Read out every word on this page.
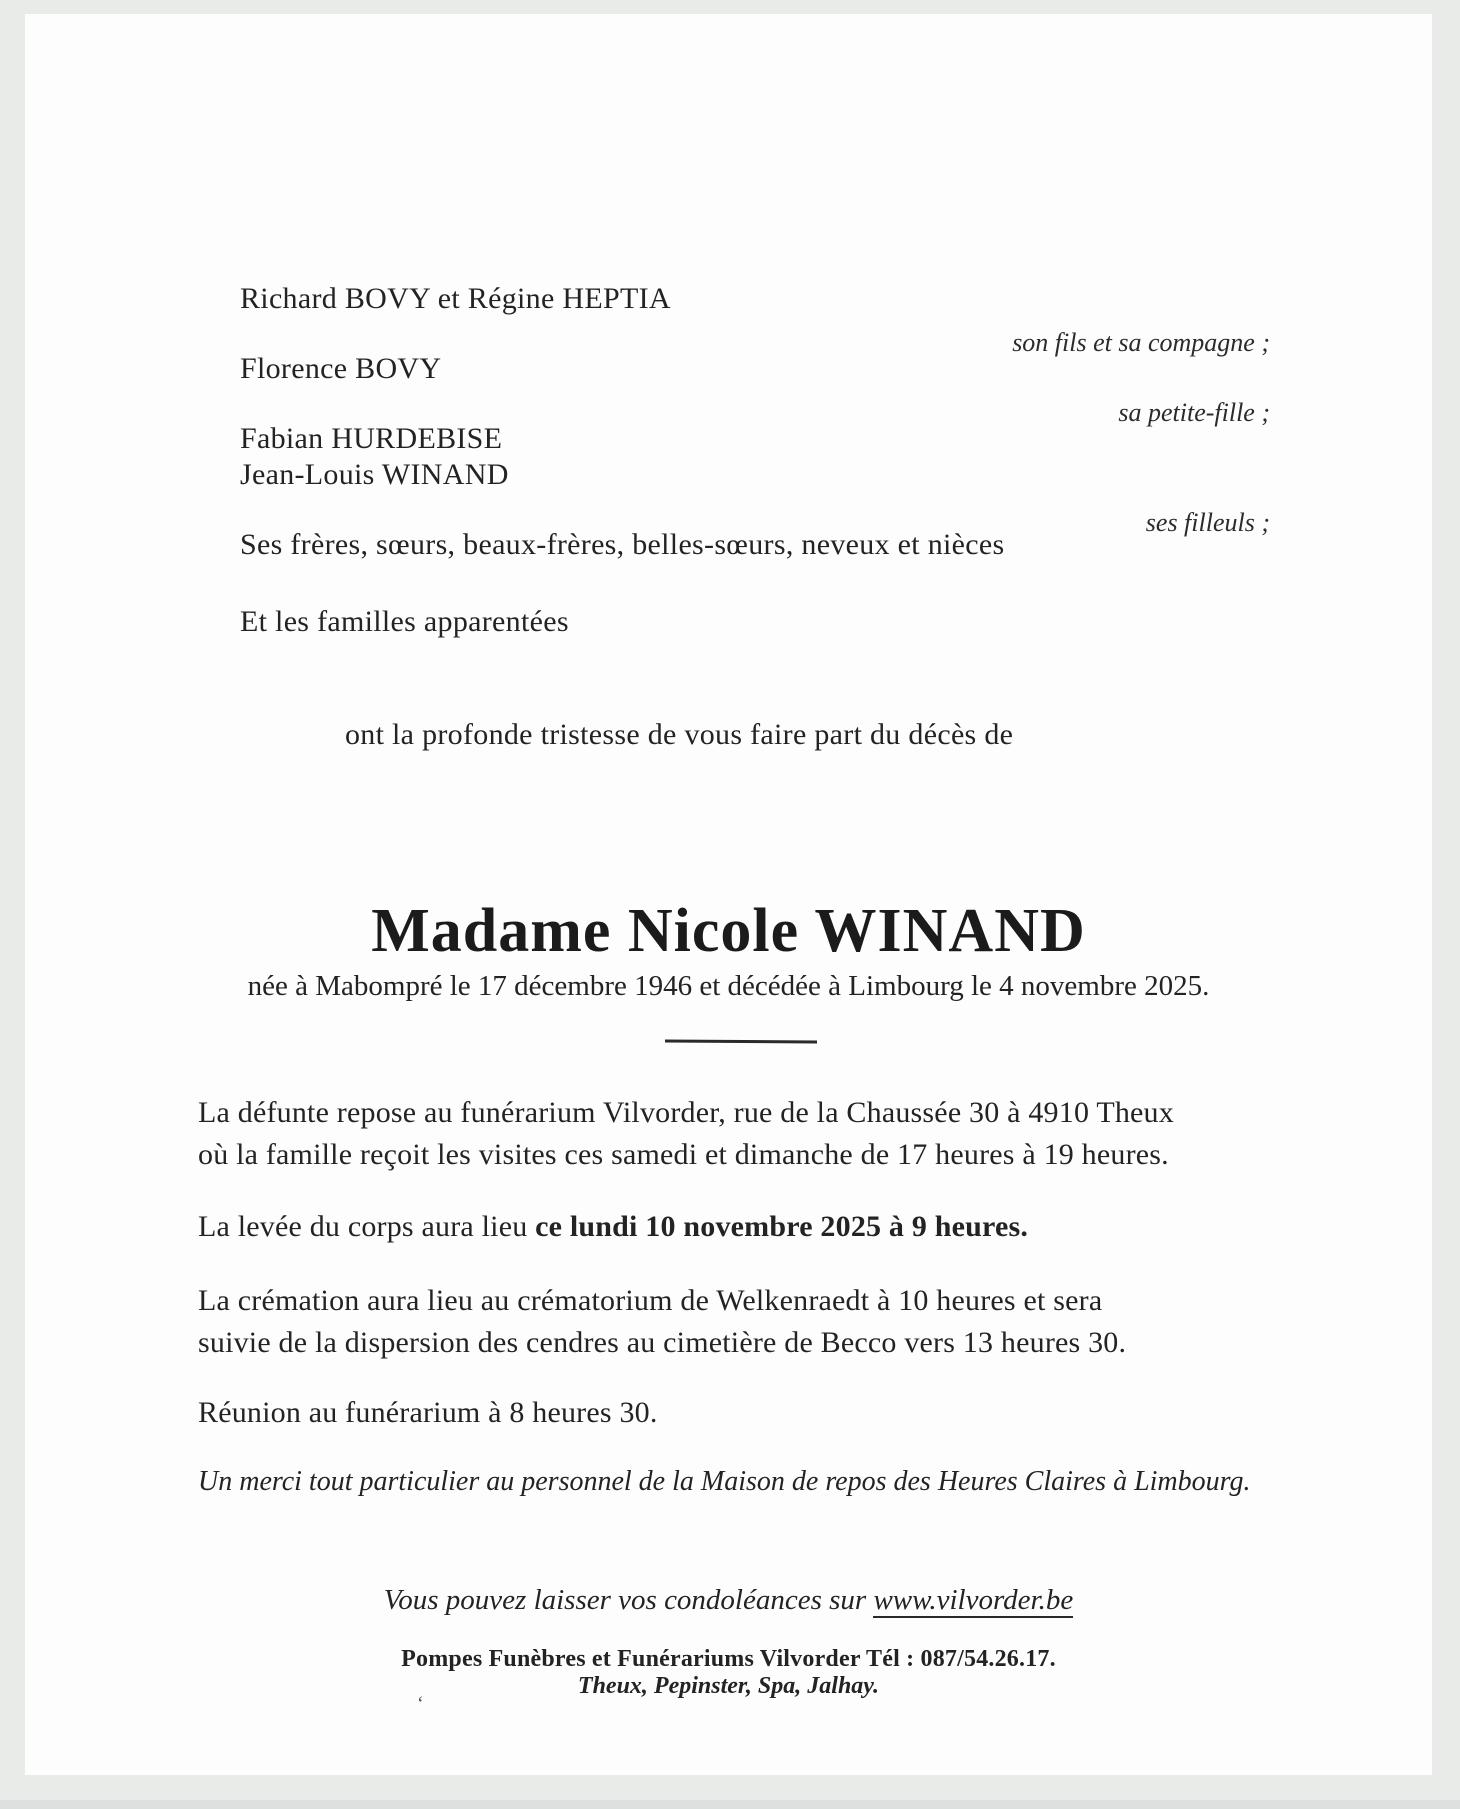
Richard BOVY et Régine HEPTIA
son fils et sa compagne ;
Florence BOVY
sa petite-fille ;
Fabian HURDEBISE
Jean-Louis WINAND
ses filleuls ;
Ses frères, sœurs, beaux-frères, belles-sœurs, neveux et nièces
Et les familles apparentées
ont la profonde tristesse de vous faire part du décès de
Madame Nicole WINAND
née à Mabompré le 17 décembre 1946 et décédée à Limbourg le 4 novembre 2025.
La défunte repose au funérarium Vilvorder, rue de la Chaussée 30 à 4910 Theux
où la famille reçoit les visites ces samedi et dimanche de 17 heures à 19 heures.
La levée du corps aura lieu ce lundi 10 novembre 2025 à 9 heures.
La crémation aura lieu au crématorium de Welkenraedt à 10 heures et sera
suivie de la dispersion des cendres au cimetière de Becco vers 13 heures 30.
Réunion au funérarium à 8 heures 30.
Un merci tout particulier au personnel de la Maison de repos des Heures Claires à Limbourg.
Vous pouvez laisser vos condoléances sur www.vilvorder.be
Pompes Funèbres et Funérariums Vilvorder Tél : 087/54.26.17.
Theux, Pepinster, Spa, Jalhay.
‘
